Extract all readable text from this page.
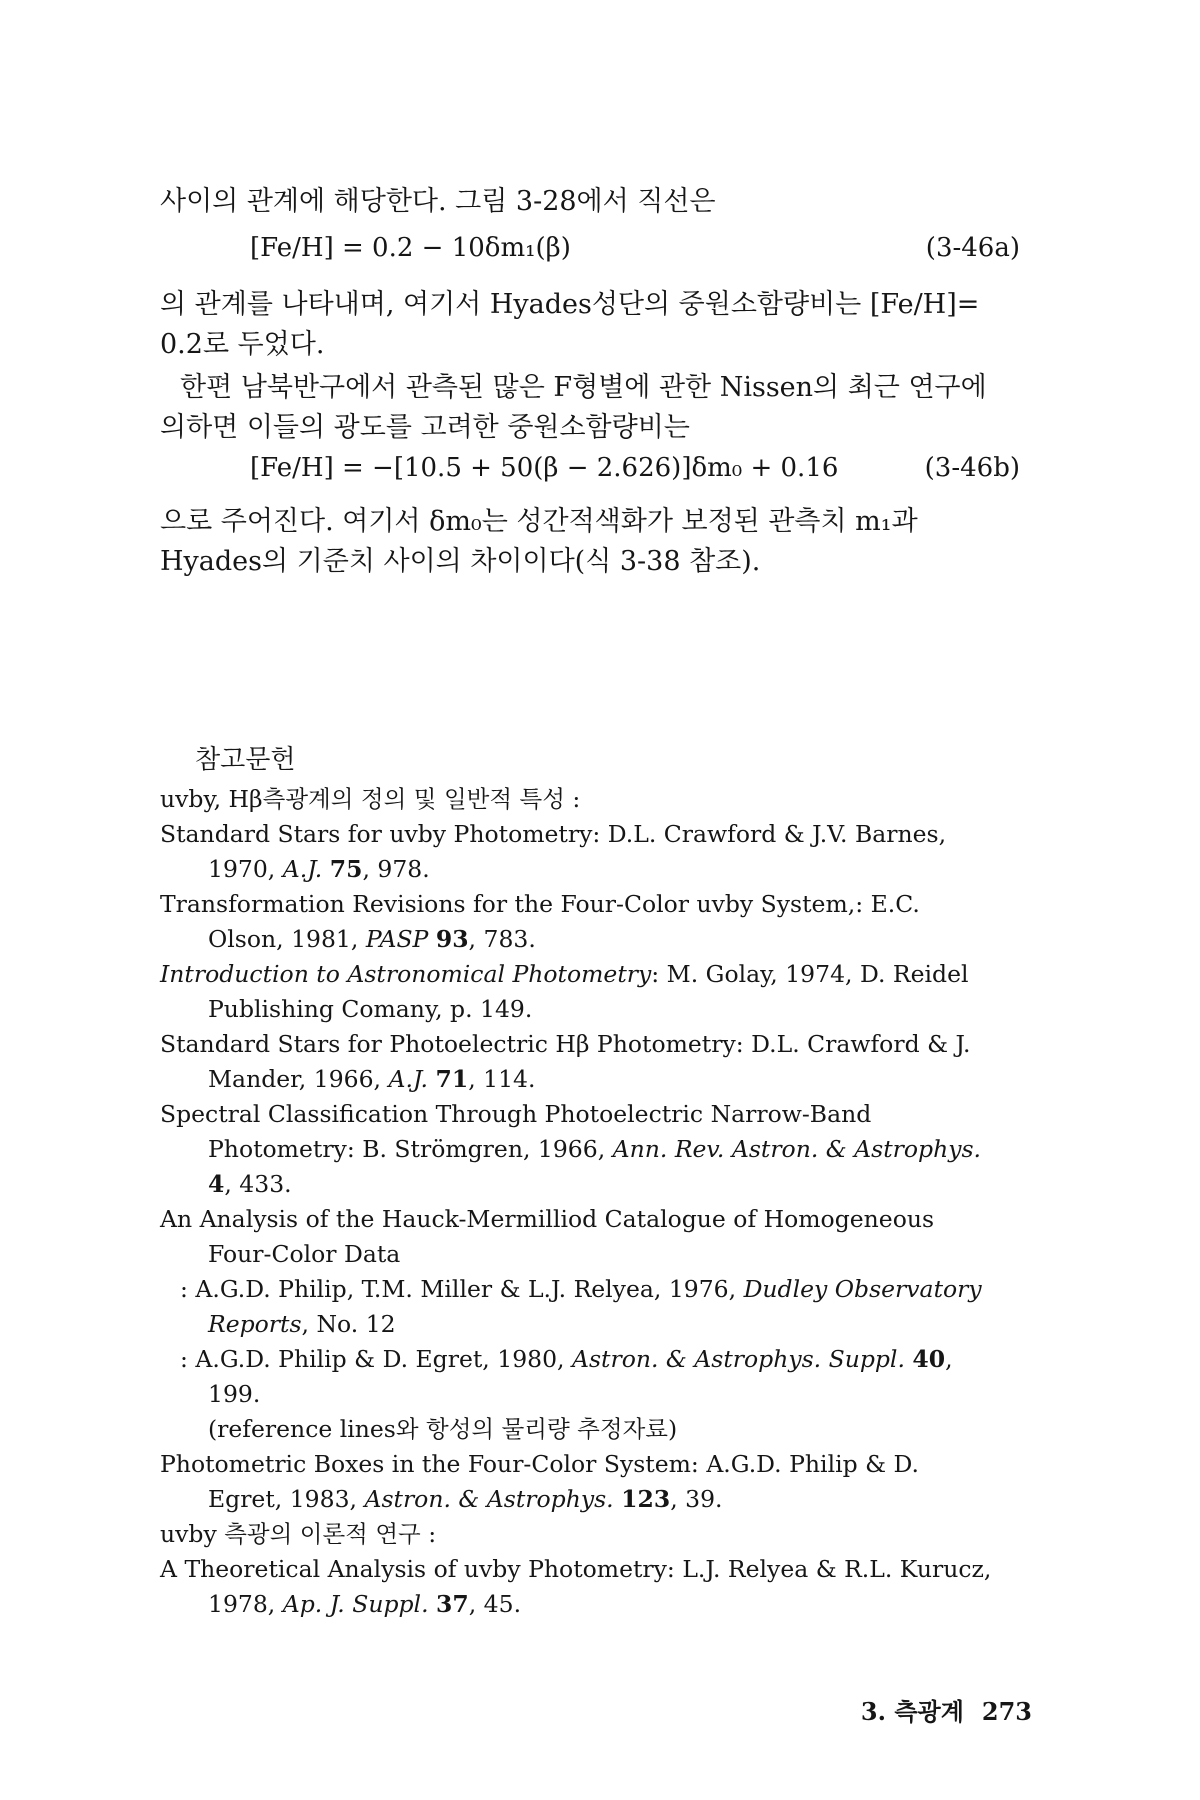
사이의 관계에 해당한다. 그림 3-28에서 직선은

[Fe/H] = 0.2 − 10δm₁(β)	(3-46a)

의 관계를 나타내며, 여기서 Hyades성단의 중원소함량비는 [Fe/H]= 0.2로 두었다.

한편 남북반구에서 관측된 많은 F형별에 관한 Nissen의 최근 연구에 의하면 이들의 광도를 고려한 중원소함량비는

[Fe/H] = −[10.5 + 50(β − 2.626)]δm₀ + 0.16	(3-46b)

으로 주어진다. 여기서 δm₀는 성간적색화가 보정된 관측치 m₁과 Hyades의 기준치 사이의 차이이다(식 3-38 참조).

참고문헌

uvby, Hβ측광계의 정의 및 일반적 특성 :

Standard Stars for uvby Photometry: D.L. Crawford & J.V. Barnes, 1970, A.J. 75, 978.

Transformation Revisions for the Four-Color uvby System,: E.C. Olson, 1981, PASP 93, 783.

Introduction to Astronomical Photometry: M. Golay, 1974, D. Reidel Publishing Comany, p. 149.

Standard Stars for Photoelectric Hβ Photometry: D.L. Crawford & J. Mander, 1966, A.J. 71, 114.

Spectral Classification Through Photoelectric Narrow-Band Photometry: B. Strömgren, 1966, Ann. Rev. Astron. & Astrophys. 4, 433.

An Analysis of the Hauck-Mermilliod Catalogue of Homogeneous Four-Color Data

: A.G.D. Philip, T.M. Miller & L.J. Relyea, 1976, Dudley Observatory Reports, No. 12

: A.G.D. Philip & D. Egret, 1980, Astron. & Astrophys. Suppl. 40, 199.

(reference lines와 항성의 물리량 추정자료)

Photometric Boxes in the Four-Color System: A.G.D. Philip & D. Egret, 1983, Astron. & Astrophys. 123, 39.

uvby 측광의 이론적 연구 :

A Theoretical Analysis of uvby Photometry: L.J. Relyea & R.L. Kurucz, 1978, Ap. J. Suppl. 37, 45.

3. 측광계 273
